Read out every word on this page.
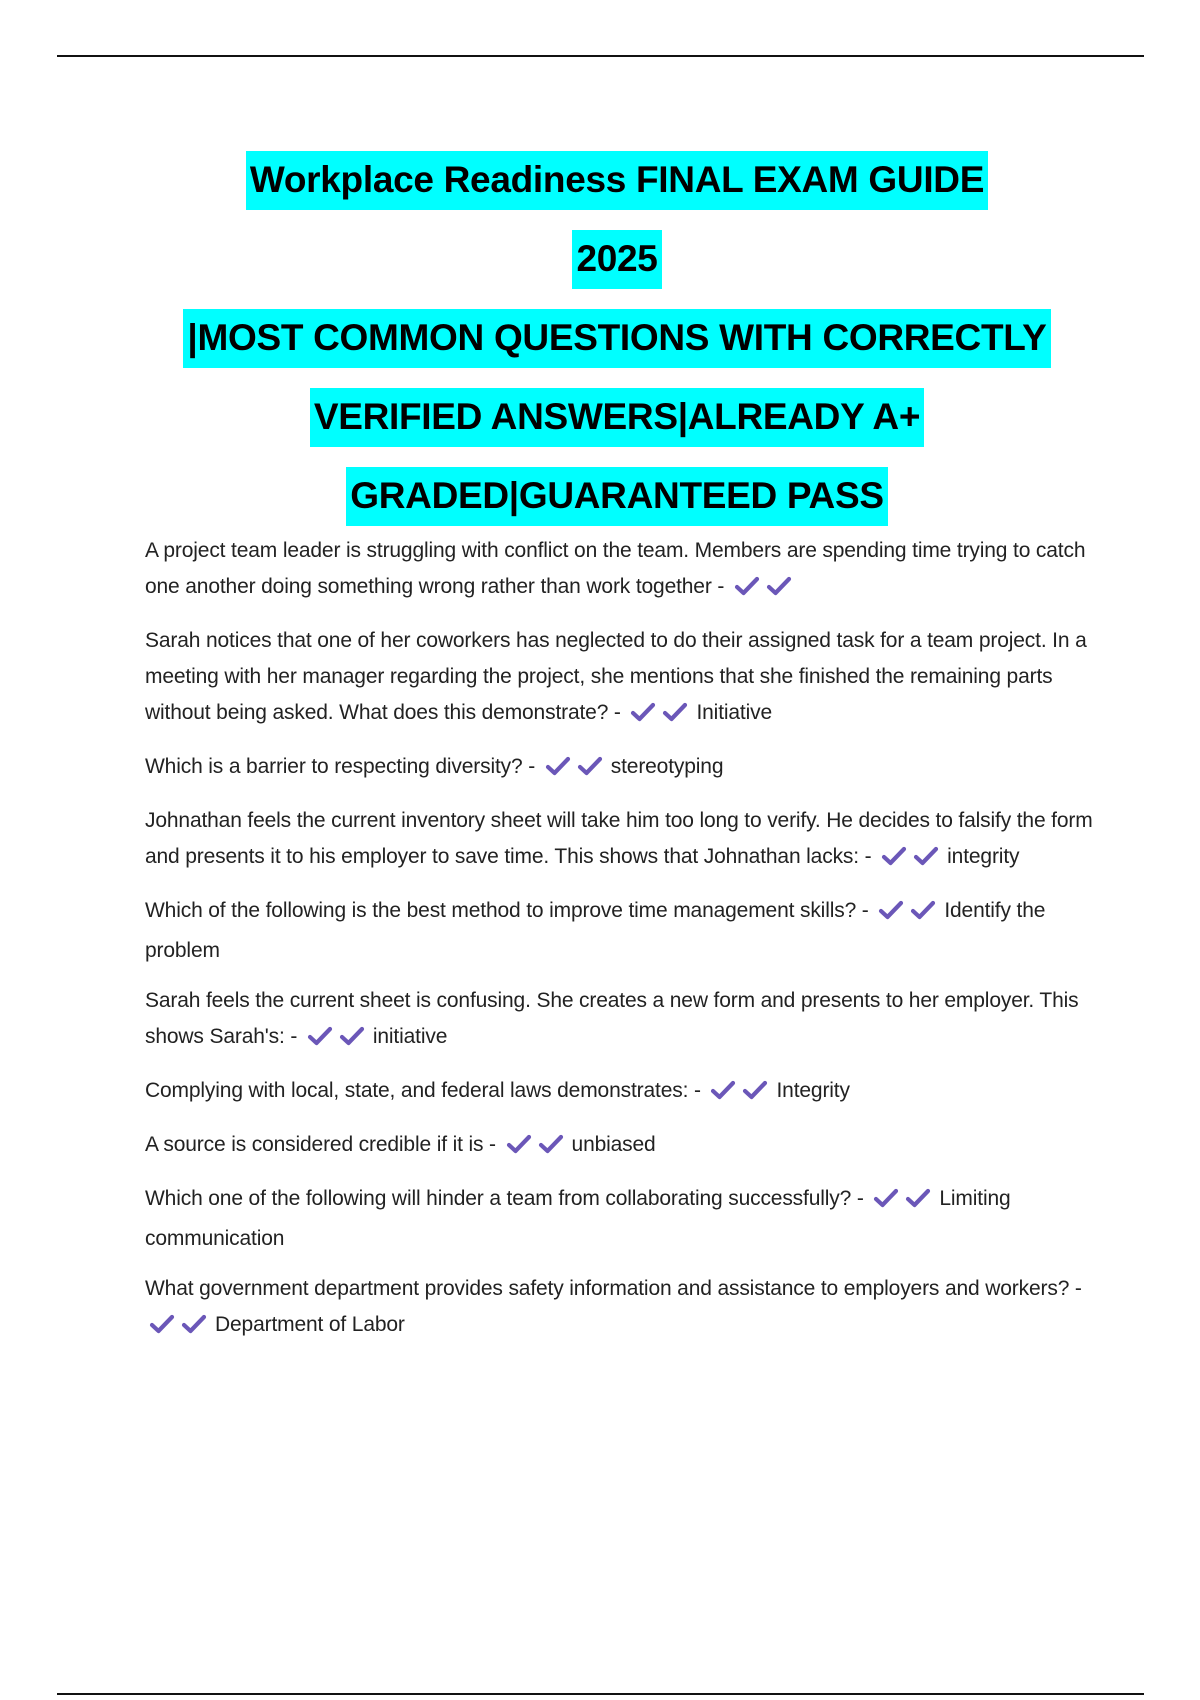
Workplace Readiness FINAL EXAM GUIDE
2025
|MOST COMMON QUESTIONS WITH CORRECTLY
VERIFIED ANSWERS|ALREADY A+
GRADED|GUARANTEED PASS
A project team leader is struggling with conflict on the team. Members are spending time trying to catch one another doing something wrong rather than work together -
Sarah notices that one of her coworkers has neglected to do their assigned task for a team project. In a meeting with her manager regarding the project, she mentions that she finished the remaining parts without being asked. What does this demonstrate? -	Initiative
Which is a barrier to respecting diversity? -	stereotyping
Johnathan feels the current inventory sheet will take him too long to verify. He decides to falsify the form and presents it to his employer to save time. This shows that Johnathan lacks: -	integrity
Which of the following is the best method to improve time management skills? -	Identify the problem
Sarah feels the current sheet is confusing. She creates a new form and presents to her employer. This shows Sarah's: -	initiative
Complying with local, state, and federal laws demonstrates: -	Integrity
A source is considered credible if it is -	unbiased
Which one of the following will hinder a team from collaborating successfully? -	Limiting communication
What government department provides safety information and assistance to employers and workers? -
Department of Labor
